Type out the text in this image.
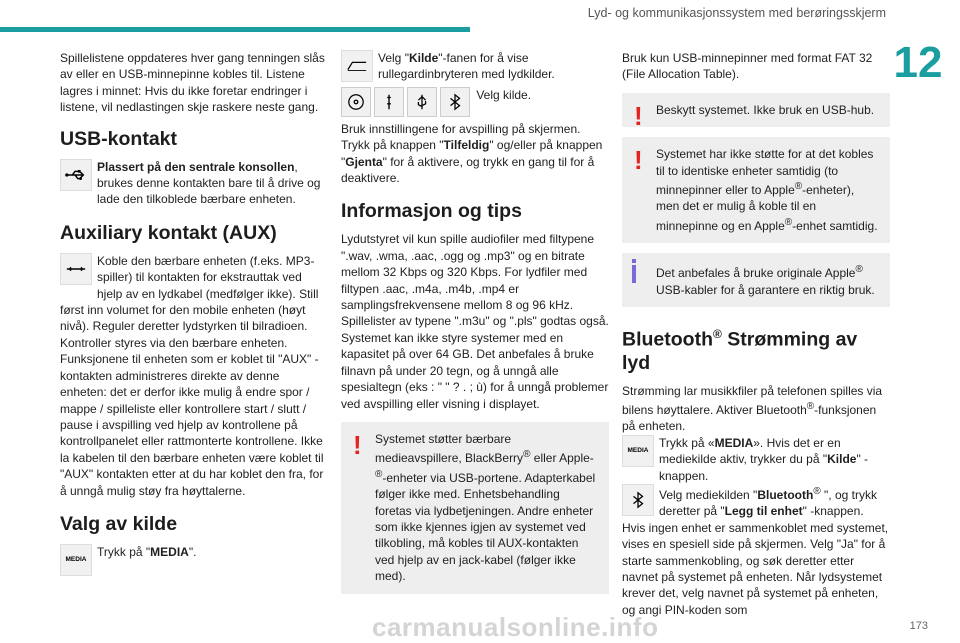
Lyd- og kommunikasjonssystem med berøringsskjerm
12

Spillelistene oppdateres hver gang tenningen slås av eller en USB-minnepinne kobles til. Listene lagres i minnet: Hvis du ikke foretar endringer i listene, vil nedlastingen skje raskere neste gang.

USB-kontakt

Plassert på den sentrale konsollen, brukes denne kontakten bare til å drive og lade den tilkoblede bærbare enheten.

Auxiliary kontakt (AUX)

Koble den bærbare enheten (f.eks. MP3-spiller) til kontakten for ekstrauttak ved hjelp av en lydkabel (medfølger ikke). Still først inn volumet for den mobile enheten (høyt nivå). Reguler deretter lydstyrken til bilradioen. Kontroller styres via den bærbare enheten. Funksjonene til enheten som er koblet til "AUX" -kontakten administreres direkte av denne enheten: det er derfor ikke mulig å endre spor / mappe / spilleliste eller kontrollere start / slutt / pause i avspilling ved hjelp av kontrollene på kontrollpanelet eller rattmonterte kontrollene. Ikke la kabelen til den bærbare enheten være koblet til "AUX" kontakten etter at du har koblet den fra, for å unngå mulig støy fra høyttalerne.

Valg av kilde
MEDIA

Trykk på "MEDIA".

Velg "Kilde"-fanen for å vise rullegardinbryteren med lydkilder.

Velg kilde.

Bruk innstillingene for avspilling på skjermen. Trykk på knappen "Tilfeldig" og/eller på knappen "Gjenta" for å aktivere, og trykk en gang til for å deaktivere.

Informasjon og tips

Lydutstyret vil kun spille audiofiler med filtypene ".wav, .wma, .aac, .ogg og .mp3" og en bitrate mellom 32 Kbps og 320 Kbps. For lydfiler med filtypen .aac, .m4a, .m4b, .mp4 er samplingsfrekvensene mellom 8 og 96 kHz. Spillelister av typene ".m3u" og ".pls" godtas også. Systemet kan ikke styre systemer med en kapasitet på over 64 GB. Det anbefales å bruke filnavn på under 20 tegn, og å unngå alle spesialtegn (eks : " " ? . ; ù) for å unngå problemer ved avspilling eller visning i displayet.

!	Systemet støtter bærbare medieavspillere, BlackBerry® eller Apple-®-enheter via USB-portene. Adapterkabel følger ikke med. Enhetsbehandling foretas via lydbetjeningen. Andre enheter som ikke kjennes igjen av systemet ved tilkobling, må kobles til AUX-kontakten ved hjelp av en jack-kabel (følger ikke med).

Bruk kun USB-minnepinner med format FAT 32 (File Allocation Table).

!	Beskytt systemet. Ikke bruk en USB-hub.

!	Systemet har ikke støtte for at det kobles til to identiske enheter samtidig (to minnepinner eller to Apple®-enheter), men det er mulig å koble til en minnepinne og en Apple®-enhet samtidig.

Det anbefales å bruke originale Apple® USB-kabler for å garantere en riktig bruk.

Bluetooth® Strømming av lyd

Strømming lar musikkfiler på telefonen spilles via bilens høyttalere. Aktiver Bluetooth®-funksjonen på enheten.

MEDIA

Trykk på «MEDIA». Hvis det er en mediekilde aktiv, trykker du på "Kilde" -knappen.

Velg mediekilden "Bluetooth® ", og trykk deretter på "Legg til enhet" -knappen.

Hvis ingen enhet er sammenkoblet med systemet, vises en spesiell side på skjermen. Velg "Ja" for å starte sammenkobling, og søk deretter etter navnet på systemet på enheten. Når lydsystemet krever det, velg navnet på systemet på enheten, og angi PIN-koden som

carmanualsonline.info	173
